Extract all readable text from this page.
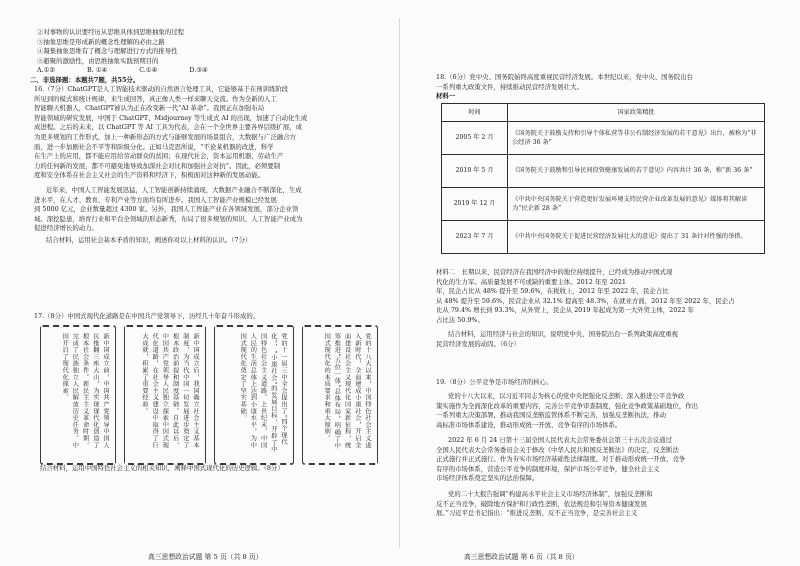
②对事物的认识要经历从思维具体到思维抽象的过程
③抽象思维是形成新的概念性理解的必由之路
④凝集抽象思维有了概念与理解进行方式的推导性
⑤避聚的激励性，由思维抽象实践预期目的
A.①②　　　　　B. ①④　　　　　C.①④　　　　　D.③④
二、非选择题：本题共7题，共55分。
16.（7分）ChatGPT是人工智能技术驱动的自然语言处理工具，它能够基于在预训练阶段
所见到的模式和统计规律，来生成回答，真正像人类一样来聊天交流。作为全新的人工
智能聊天机器人，ChatGPT被认为正在改变新一代“AI 革命”。我国正在加强布局
智能领域的研究发展，中国于 ChatGPT、Midjourney 等生成式 AI 的出现，加速了自动化生成
成进程。之后的未来，以 ChatGPT 等 AI 工具为代表，会在一个全世界主要各界层级扩展，成
为更多规划的工作形式，加上一种新形态的方式与能够发展的场景组合，大数据与广泛融合方
面，进一步加剧社会不平等和阶级分化。正如马克思所说，“不论某机器的改进，科学
在生产上的应用，都不能应用给劳动群众的贫困；在现代社会，资本运用机器，劳动生产
力的任何新的发展，都不可避免地导致加深社会对比和加强社会对抗”。因此，必须要制
度和安全体系在社会主义社会的生产资料和经济下，积极面对这种新的发展动能。
近年来，中国人工智能发展迅猛，人工智能创新持续涌现，大数据产业融合不断深化，生成
进水平，在人才、教育、专利产业等方面均有所进步。我国人工智能产业规模已经发展
到 5000 亿元，企业数量超过 4300 家。另外，我国人工智能产业在各领域发展，部分企业领
域、深挖隐患，培育行业和平台全领域的形态新秀，布局了很多规划的知识，人工智能产业成为
促进经济增长的动力。
结合材料，运用社会基本矛盾的知识，阐述你对以上材料的认识。（7分）
17.（8分）中国式现代化道路是在中国共产党领导下，历经几十年奋斗形成的。
新中国成立前，中国共产党领导中国人民推翻三座大山，为实现现代化创造了根本社会条件。新民主主义革命时期，完成了民族独立人民解放历史任务。中国开启了现代化探索。	新中国成立后，我国确立社会主义基本制度，为当代中国一切发展进步奠定了根本政治前提和制度基础。自此以后，中国共产党领导人民独立探索中国式现代化道路，在社会主义建设中取得了巨大成就，积累了重要经验。	党的十一届三中全会提出了“四个现代化”，“小康社会”的发展目标，开辟了中国特色社会主义道路。上世纪末，中国人民的生活总体上达到小康水平，为中国式现代化奠定了坚实基础。	党的十八大以来，中国特色社会主义进入新时代，全面建成小康社会，开启全面建设社会主义现代化国家新征程，统筹推进“五位一体”总体布局，明确了中国式现代化的本质要求和重大原则。
结合材料，运用中国特色社会主义的相关知识，阐释中国式现代化的历史逻辑。（8分）
高三思想政治试题 第 5 页（共 8 页）
18.（6分）党中央、国务院始终高度重视民营经济发展。本世纪以来，党中央、国务院出台
一系列重大政策文件，持续推动民营经济发展壮大。
材料一
时间	国家政策精批
2005 年 2 月	《国务院关于鼓励支持和引导个体私营等非公有制经济发展的若干意见》出台，被称为“非公经济 36 条”
2010 年 5 月	《国务院关于鼓励和引导民间投资健康发展的若干意见》内容共计 36 条，称“新 36 条”
2019 年 12 月	《中共中央国务院关于营造更好发展环境支持民营企业改革发展的意见》媒体将其解读为“民企新 28 条”
2023 年 7 月	《中共中央国务院关于促进民营经济发展壮大的意见》提出了 31 条针对性强的举措。
材料二　长期以来，民营经济在我国经济中的地位持续提升，已经成为推动中国式现
代化的生力军。高质量发展不可或缺的重要主体。2012 年至 2021
年，民企占比从 48% 提升至 59.6%，在税收上，2012 年至 2022 年，民企占比
从 48% 提升至 59.6%，民营企业从 32.1% 提高至 48.3%，在就业方面，2012 年至 2022 年，民企占
比从 79.4% 增长到 93.3%，从外贸上，民企从 2019 年起成为第一大外贸主体，2022 年
占比达 50.9%。
结合材料，运用经济与社会的知识，说明党中央、国务院出台一系列政策高度重视
民营经济发展的动因。（6分）
19.（8分）公平竞争是市场经济的核心。
党的十八大以来，以习近平同志为核心的党中央把强化反垄断、深入推进公平竞争政
策实施作为全面深化改革的重要内容，完善公平竞争审查制度，强化竞争政策基础地位，作出
一系列重大决策部署，推动我国反垄断监管体系不断完善，加强反垄断执法，推动
高标准市场体系建设，推动形成统一开放、竞争有序的市场体系。
2022 年 6 月 24 日第十三届全国人民代表大会常务委员会第三十五次会议通过
全国人民代表大会常务委员会关于修改《中华人民共和国反垄断法》的决定，反垄断法
正式施行并正式施行。作为夯实市场经济基础性法律制度，对于推动形成统一开放、竞争
有序的市场体系，营造公平竞争的制度环境，保护市场公平竞争，健全社会主义
市场经济体系奠定坚实的法治保障。
党的二十大报告强调“构建高水平社会主义市场经济体制”，加强反垄断和
反不正当竞争，破除地方保护和行政性垄断，依法规范和引导资本健康发展
展。”习近平总书记指出：“推进反垄断、反不正当竞争，是完善社会主义
高三思想政治试题 第 6 页（共 8 页）
